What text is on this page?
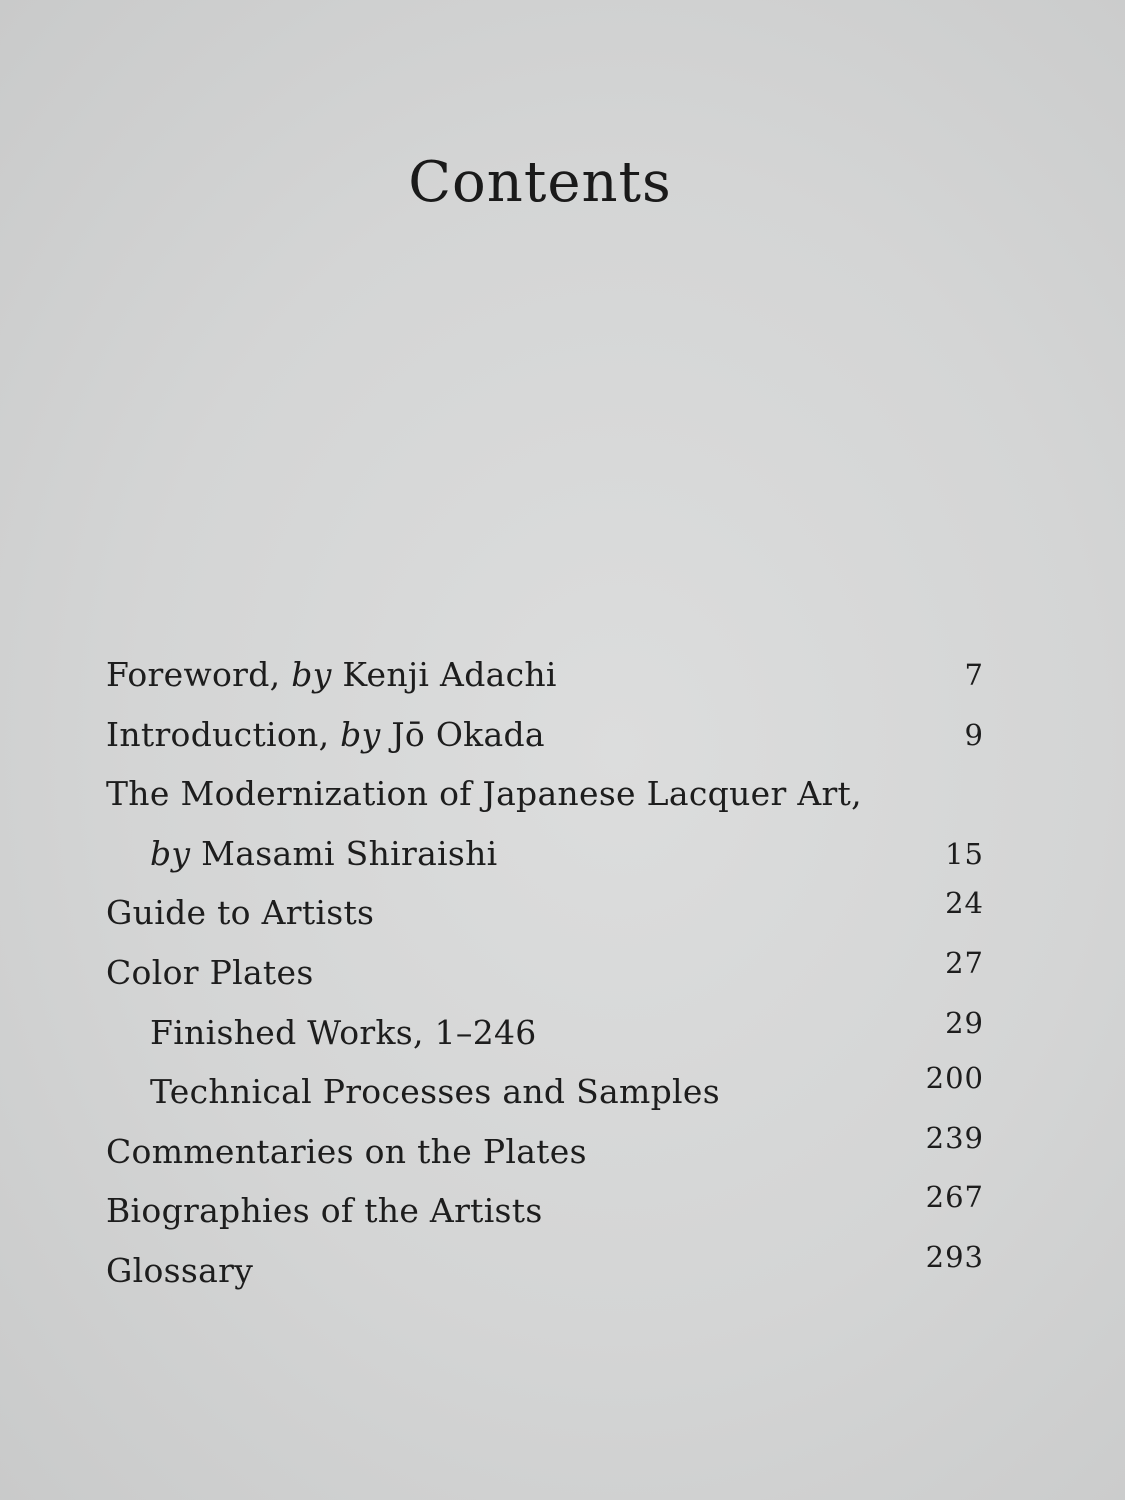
Contents
Foreword, by Kenji Adachi	7
Introduction, by Jō Okada	9
The Modernization of Japanese Lacquer Art,
by Masami Shiraishi	15
Guide to Artists	24
Color Plates	27
Finished Works, 1–246	29
Technical Processes and Samples	200
Commentaries on the Plates	239
Biographies of the Artists	267
Glossary	293
